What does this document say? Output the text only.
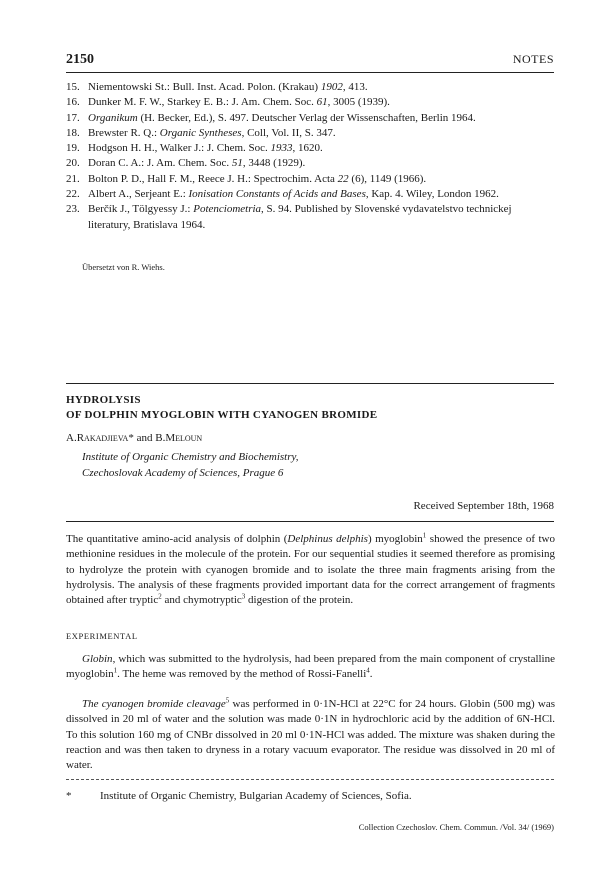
2150	NOTES
15. Niementowski St.: Bull. Inst. Acad. Polon. (Krakau) 1902, 413.
16. Dunker M. F. W., Starkey E. B.: J. Am. Chem. Soc. 61, 3005 (1939).
17. Organikum (H. Becker, Ed.), S. 497. Deutscher Verlag der Wissenschaften, Berlin 1964.
18. Brewster R. Q.: Organic Syntheses, Coll, Vol. II, S. 347.
19. Hodgson H. H., Walker J.: J. Chem. Soc. 1933, 1620.
20. Doran C. A.: J. Am. Chem. Soc. 51, 3448 (1929).
21. Bolton P. D., Hall F. M., Reece J. H.: Spectrochim. Acta 22 (6), 1149 (1966).
22. Albert A., Serjeant E.: Ionisation Constants of Acids and Bases, Kap. 4. Wiley, London 1962.
23. Berčík J., Tölgyessy J.: Potenciometria, S. 94. Published by Slovenské vydavatelstvo technickej literatury, Bratislava 1964.
Übersetzt von R. Wiehs.
HYDROLYSIS
OF DOLPHIN MYOGLOBIN WITH CYANOGEN BROMIDE
A.Rakadjieva* and B.Meloun
Institute of Organic Chemistry and Biochemistry,
Czechoslovak Academy of Sciences, Prague 6
Received September 18th, 1968

The quantitative amino-acid analysis of dolphin (Delphinus delphis) myoglobin$^1$ showed the presence of two methionine residues in the molecule of the protein. For our sequential studies it seemed therefore as promising to hydrolyze the protein with cyanogen bromide and to isolate the three main fragments arising from the hydrolysis. The analysis of these fragments provided important data for the correct arrangement of fragments obtained after tryptic$^2$ and chymotryptic$^3$ digestion of the protein.

EXPERIMENTAL

Globin, which was submitted to the hydrolysis, had been prepared from the main component of crystalline myoglobin$^1$. The heme was removed by the method of Rossi-Fanelli$^4$.

The cyanogen bromide cleavage$^5$ was performed in 0·1N-HCl at 22°C for 24 hours. Globin (500 mg) was dissolved in 20 ml of water and the solution was made 0·1N in hydrochloric acid by the addition of 6N-HCl. To this solution 160 mg of CNBr dissolved in 20 ml 0·1N-HCl was added. The mixture was shaken during the reaction and was then taken to dryness in a rotary vacuum evaporator. The residue was dissolved in 20 ml of water.

*	Institute of Organic Chemistry, Bulgarian Academy of Sciences, Sofia.
Collection Czechoslov. Chem. Commun. /Vol. 34/ (1969)
